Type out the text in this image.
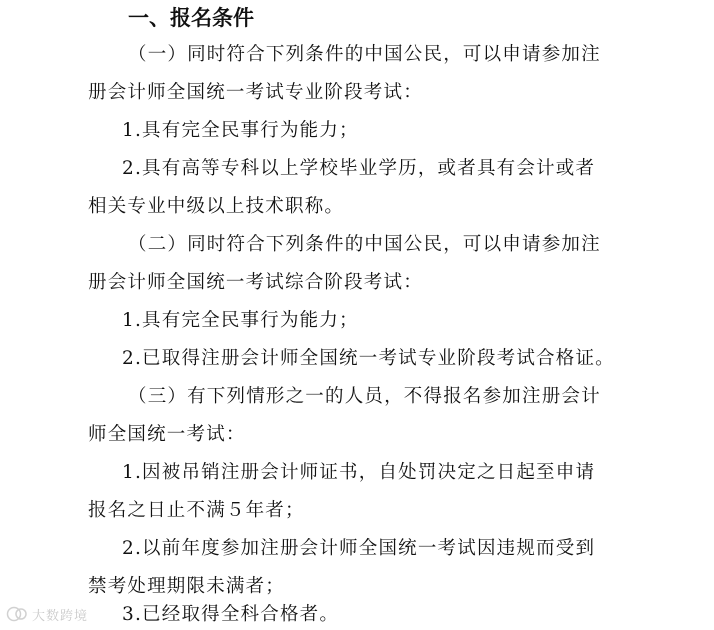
一、报名条件
（一）同时符合下列条件的中国公民，可以申请参加注
册会计师全国统一考试专业阶段考试：
1.具有完全民事行为能力；
2.具有高等专科以上学校毕业学历，或者具有会计或者
相关专业中级以上技术职称。
（二）同时符合下列条件的中国公民，可以申请参加注
册会计师全国统一考试综合阶段考试：
1.具有完全民事行为能力；
2.已取得注册会计师全国统一考试专业阶段考试合格证。
（三）有下列情形之一的人员，不得报名参加注册会计
师全国统一考试：
1.因被吊销注册会计师证书，自处罚决定之日起至申请
报名之日止不满５年者；
2.以前年度参加注册会计师全国统一考试因违规而受到
禁考处理期限未满者；
3.已经取得全科合格者。
大数跨境
